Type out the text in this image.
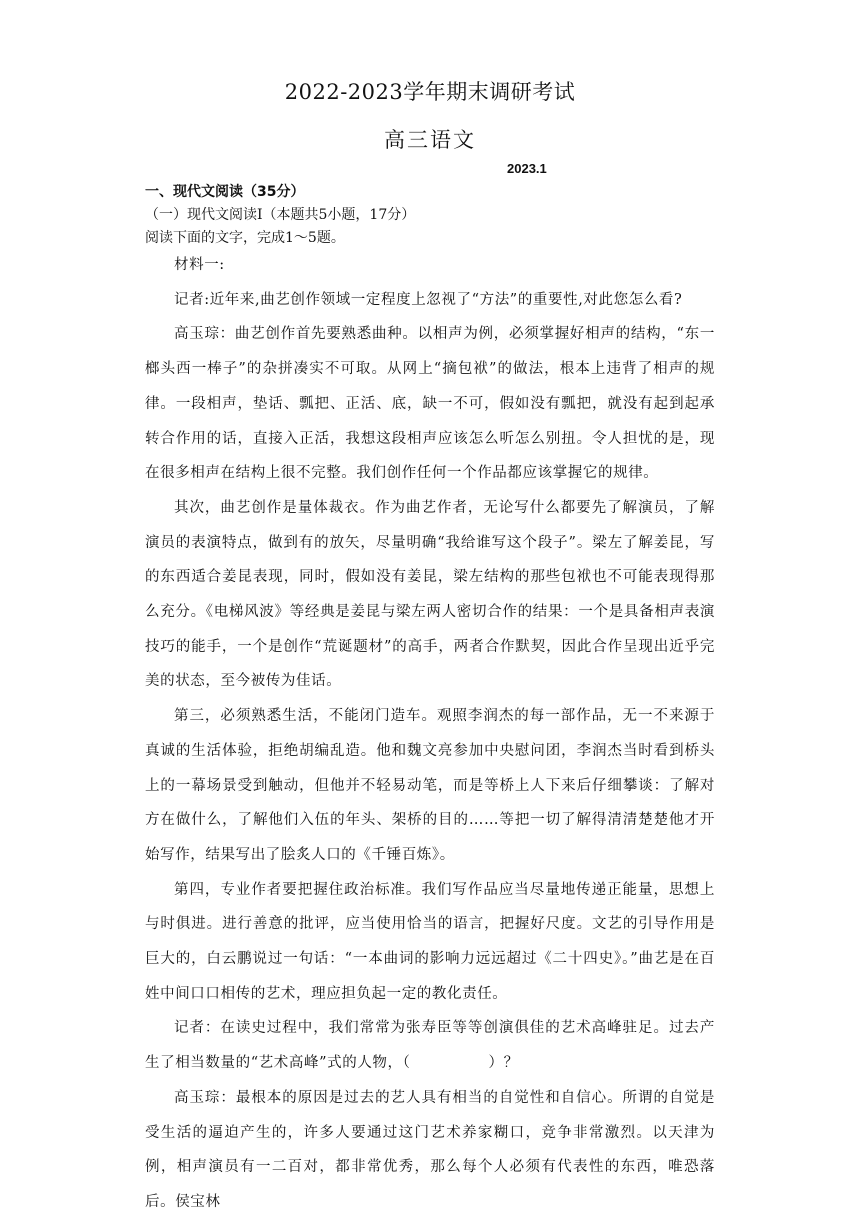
2022-2023学年期末调研考试
高三语文
2023.1
一、现代文阅读（35分）
（一）现代文阅读I（本题共5小题，17分）
阅读下面的文字，完成1～5题。

材料一:

记者:近年来,曲艺创作领域一定程度上忽视了“方法”的重要性,对此您怎么看?

高玉琮：曲艺创作首先要熟悉曲种。以相声为例，必须掌握好相声的结构，“东一榔头西一棒子”的杂拼凑实不可取。从网上“摘包袱”的做法，根本上违背了相声的规律。一段相声，垫话、瓢把、正活、底，缺一不可，假如没有瓢把，就没有起到起承转合作用的话，直接入正活，我想这段相声应该怎么听怎么别扭。令人担忧的是，现在很多相声在结构上很不完整。我们创作任何一个作品都应该掌握它的规律。

其次，曲艺创作是量体裁衣。作为曲艺作者，无论写什么都要先了解演员，了解演员的表演特点，做到有的放矢，尽量明确“我给谁写这个段子”。梁左了解姜昆，写的东西适合姜昆表现，同时，假如没有姜昆，梁左结构的那些包袱也不可能表现得那么充分。《电梯风波》等经典是姜昆与梁左两人密切合作的结果：一个是具备相声表演技巧的能手，一个是创作“荒诞题材”的高手，两者合作默契，因此合作呈现出近乎完美的状态，至今被传为佳话。

第三，必须熟悉生活，不能闭门造车。观照李润杰的每一部作品，无一不来源于真诚的生活体验，拒绝胡编乱造。他和魏文亮参加中央慰问团，李润杰当时看到桥头上的一幕场景受到触动，但他并不轻易动笔，而是等桥上人下来后仔细攀谈：了解对方在做什么，了解他们入伍的年头、架桥的目的……等把一切了解得清清楚楚他才开始写作，结果写出了脍炙人口的《千锤百炼》。

第四，专业作者要把握住政治标准。我们写作品应当尽量地传递正能量，思想上与时俱进。进行善意的批评，应当使用恰当的语言，把握好尺度。文艺的引导作用是巨大的，白云鹏说过一句话：“一本曲词的影响力远远超过《二十四史》。”曲艺是在百姓中间口口相传的艺术，理应担负起一定的教化责任。

记者：在读史过程中，我们常常为张寿臣等等创演俱佳的艺术高峰驻足。过去产生了相当数量的“艺术高峰”式的人物，（	）？

高玉琮：最根本的原因是过去的艺人具有相当的自觉性和自信心。所谓的自觉是受生活的逼迫产生的，许多人要通过这门艺术养家糊口，竞争非常激烈。以天津为例，相声演员有一二百对，都非常优秀，那么每个人必须有代表性的东西，唯恐落后。侯宝林
